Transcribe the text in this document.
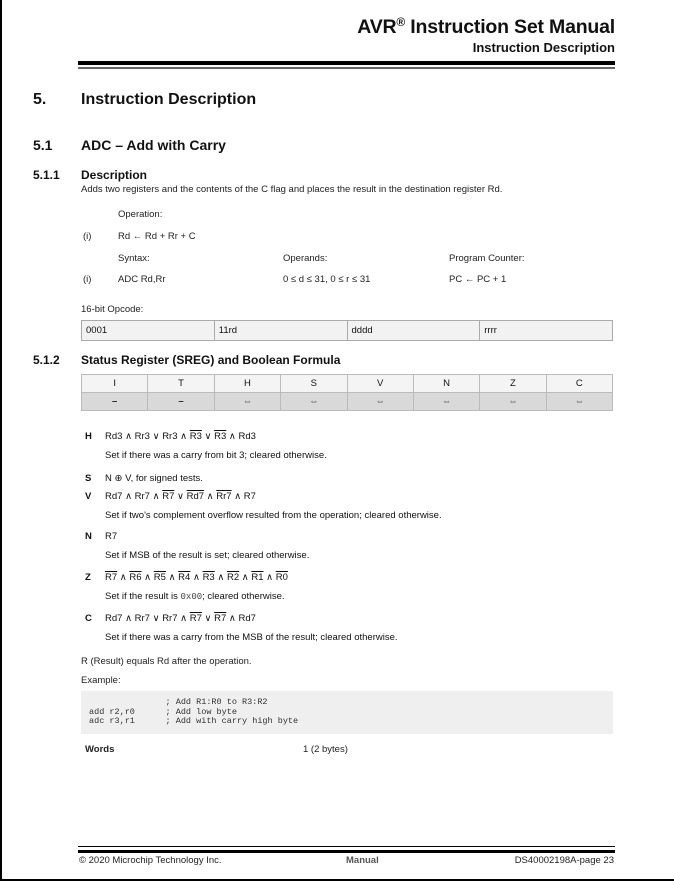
AVR® Instruction Set Manual
Instruction Description
5. Instruction Description
5.1 ADC – Add with Carry
5.1.1 Description
Adds two registers and the contents of the C flag and places the result in the destination register Rd.
Operation:
(i)	Rd ← Rd + Rr + C
Syntax:	Operands:	Program Counter:
(i)	ADC Rd,Rr	0 ≤ d ≤ 31, 0 ≤ r ≤ 31	PC ← PC + 1
16-bit Opcode:
0001	11rd	dddd	rrrr
5.1.2 Status Register (SREG) and Boolean Formula
I	T	H	S	V	N	Z	C
–	–	⇔	⇔	⇔	⇔	⇔	⇔
H Rd3 ∧ Rr3 ∨ Rr3 ∧ R3 ∨ R3 ∧ Rd3
Set if there was a carry from bit 3; cleared otherwise.
S N ⊕ V, for signed tests.
V Rd7 ∧ Rr7 ∧ R7 ∨ Rd7 ∧ Rr7 ∧ R7
Set if two's complement overflow resulted from the operation; cleared otherwise.
N R7
Set if MSB of the result is set; cleared otherwise.
Z R7 ∧ R6 ∧ R5 ∧ R4 ∧ R3 ∧ R2 ∧ R1 ∧ R0
Set if the result is 0x00; cleared otherwise.
C Rd7 ∧ Rr7 ∨ Rr7 ∧ R7 ∨ R7 ∧ Rd7
Set if there was a carry from the MSB of the result; cleared otherwise.
R (Result) equals Rd after the operation.
Example:
; Add R1:R0 to R3:R2
add r2,r0      ; Add low byte
adc r3,r1      ; Add with carry high byte
Words	1 (2 bytes)
© 2020 Microchip Technology Inc.	Manual	DS40002198A-page 23
